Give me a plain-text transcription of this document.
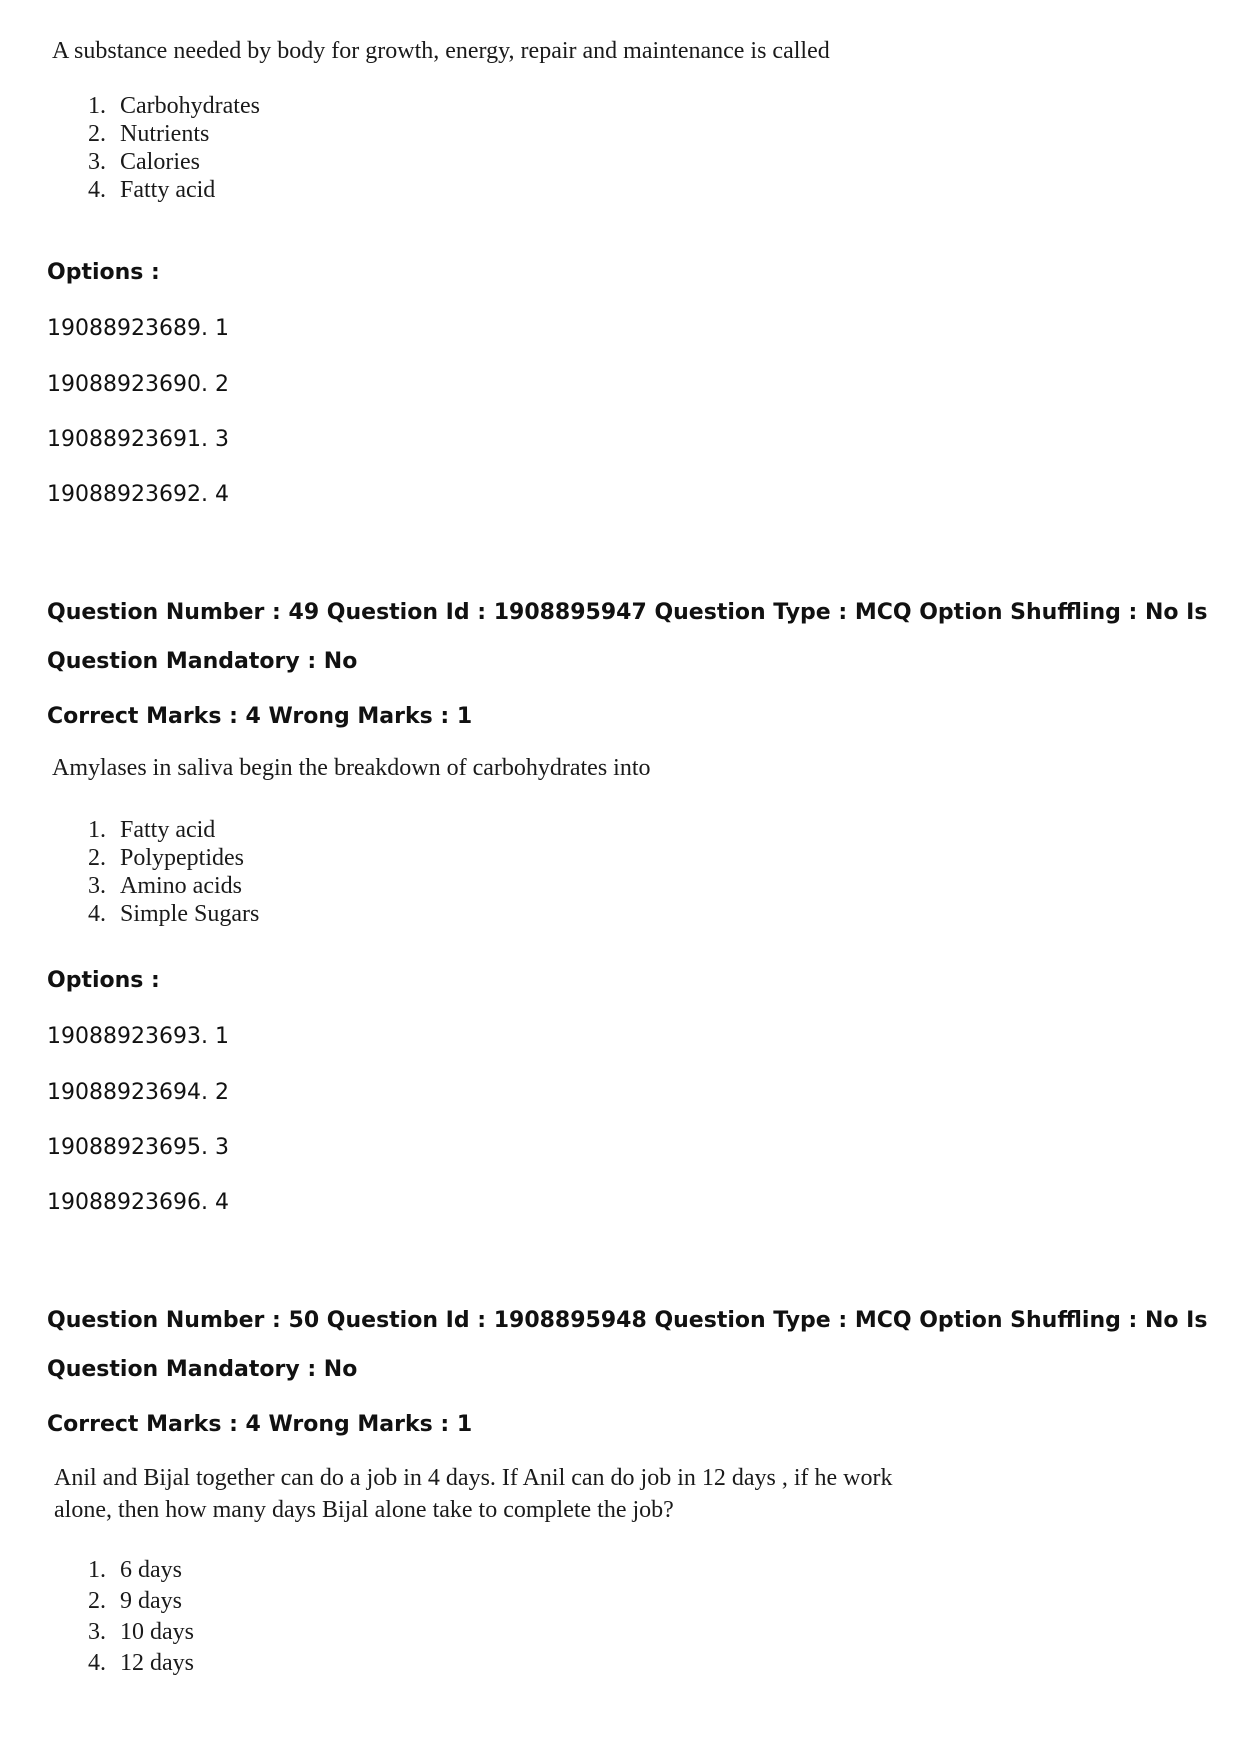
A substance needed by body for growth, energy, repair and maintenance is called
1. Carbohydrates
2. Nutrients
3. Calories
4. Fatty acid
Options :
19088923689. 1
19088923690. 2
19088923691. 3
19088923692. 4
Question Number : 49 Question Id : 1908895947 Question Type : MCQ Option Shuffling : No Is
Question Mandatory : No
Correct Marks : 4 Wrong Marks : 1
Amylases in saliva begin the breakdown of carbohydrates into
1. Fatty acid
2. Polypeptides
3. Amino acids
4. Simple Sugars
Options :
19088923693. 1
19088923694. 2
19088923695. 3
19088923696. 4
Question Number : 50 Question Id : 1908895948 Question Type : MCQ Option Shuffling : No Is
Question Mandatory : No
Correct Marks : 4 Wrong Marks : 1
Anil and Bijal together can do a job in 4 days. If Anil can do job in 12 days , if he work
alone, then how many days Bijal alone take to complete the job?
1. 6 days
2. 9 days
3. 10 days
4. 12 days
